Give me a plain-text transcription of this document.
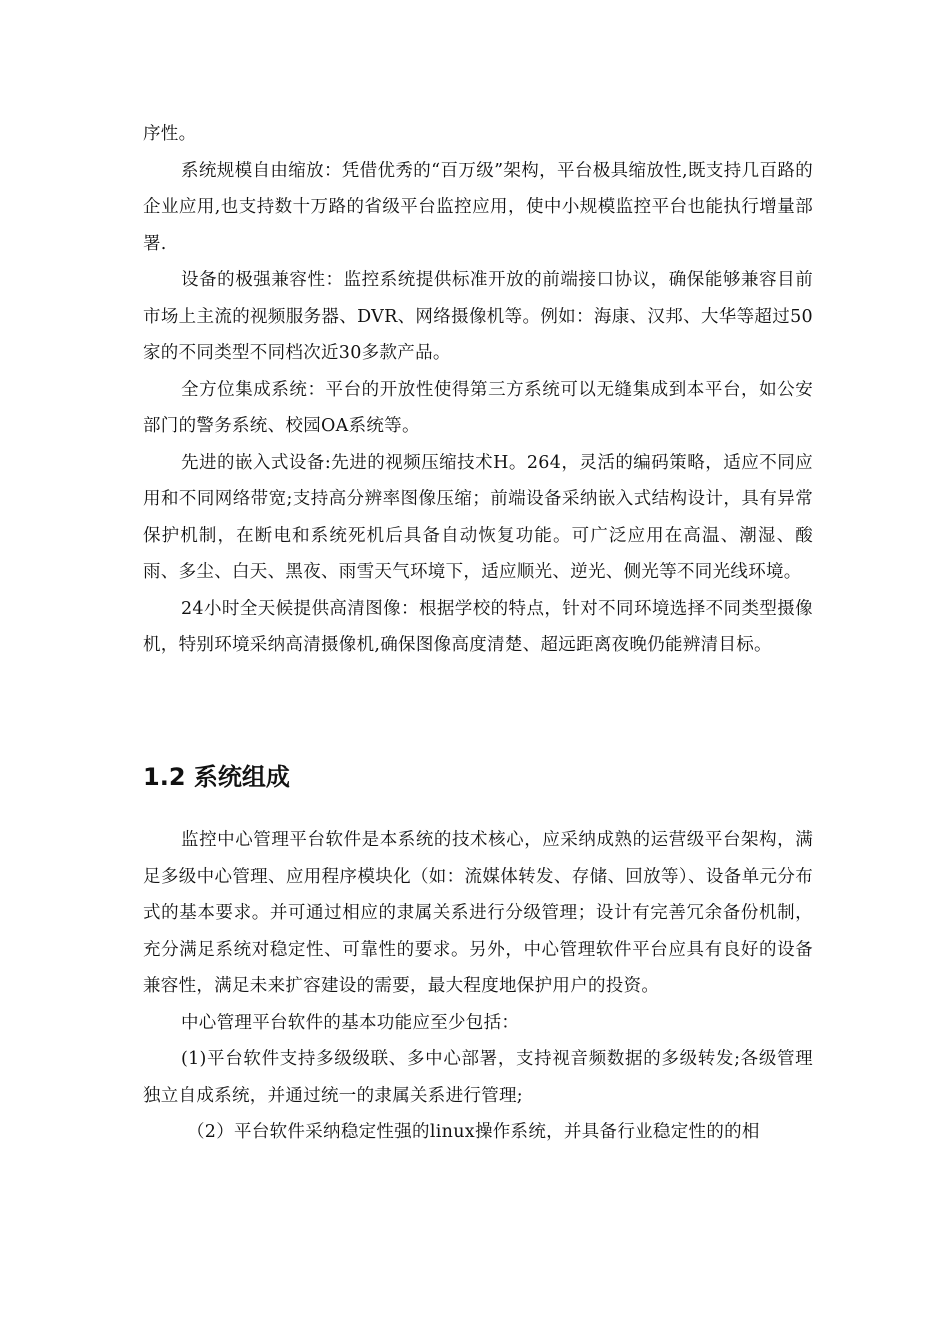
序性。

系统规模自由缩放：凭借优秀的“百万级”架构，平台极具缩放性,既支持几百路的企业应用,也支持数十万路的省级平台监控应用，使中小规模监控平台也能执行增量部署.

设备的极强兼容性：监控系统提供标准开放的前端接口协议，确保能够兼容目前市场上主流的视频服务器、DVR、网络摄像机等。例如：海康、汉邦、大华等超过50家的不同类型不同档次近30多款产品。

全方位集成系统：平台的开放性使得第三方系统可以无缝集成到本平台，如公安部门的警务系统、校园OA系统等。

先进的嵌入式设备:先进的视频压缩技术H。264，灵活的编码策略，适应不同应用和不同网络带宽;支持高分辨率图像压缩；前端设备采纳嵌入式结构设计，具有异常保护机制，在断电和系统死机后具备自动恢复功能。可广泛应用在高温、潮湿、酸雨、多尘、白天、黑夜、雨雪天气环境下，适应顺光、逆光、侧光等不同光线环境。

24小时全天候提供高清图像：根据学校的特点，针对不同环境选择不同类型摄像机，特别环境采纳高清摄像机,确保图像高度清楚、超远距离夜晚仍能辨清目标。

1.2 系统组成

监控中心管理平台软件是本系统的技术核心，应采纳成熟的运营级平台架构，满足多级中心管理、应用程序模块化（如：流媒体转发、存储、回放等）、设备单元分布式的基本要求。并可通过相应的隶属关系进行分级管理；设计有完善冗余备份机制，充分满足系统对稳定性、可靠性的要求。另外，中心管理软件平台应具有良好的设备兼容性，满足未来扩容建设的需要，最大程度地保护用户的投资。

中心管理平台软件的基本功能应至少包括：

(1)平台软件支持多级级联、多中心部署，支持视音频数据的多级转发;各级管理独立自成系统，并通过统一的隶属关系进行管理;

（2）平台软件采纳稳定性强的linux操作系统，并具备行业稳定性的的相
